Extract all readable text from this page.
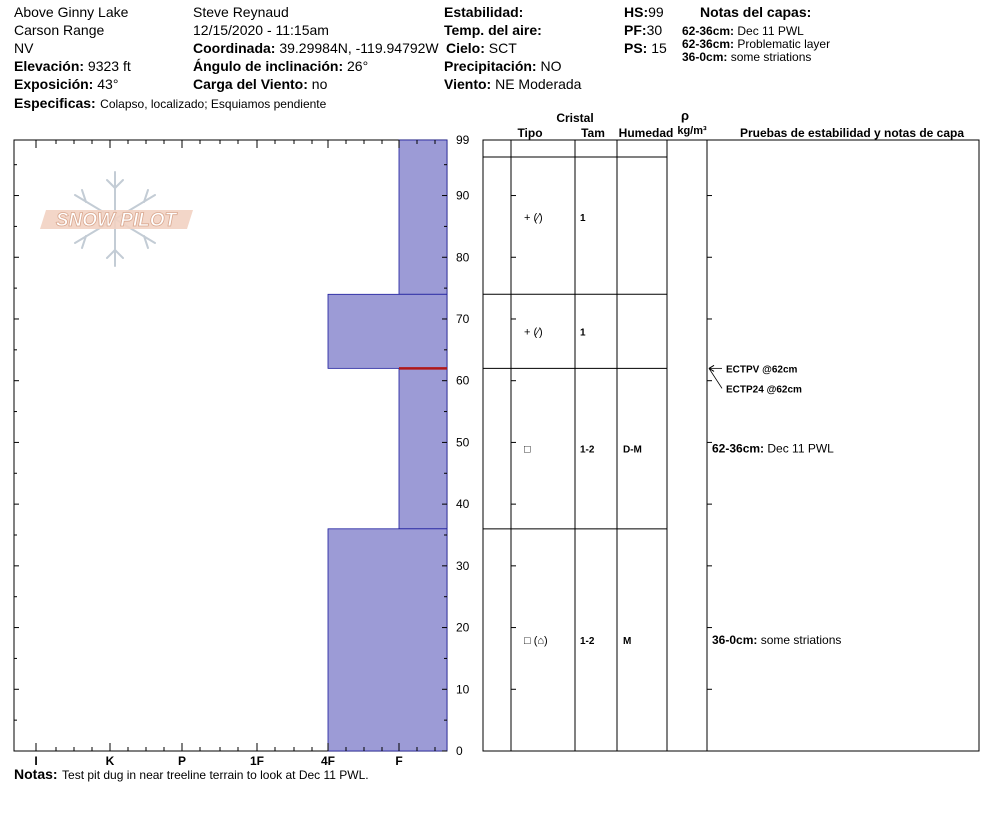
Above Ginny Lake
Carson Range
NV
Elevación: 9323 ft
Exposición: 43°
Especificas: Colapso, localizado; Esquiamos pendiente
Steve Reynaud
12/15/2020 - 11:15am
Coordinada: 39.29984N, -119.94792W
Ángulo de inclinación: 26°
Carga del Viento: no
Estabilidad:
Temp. del aire:
Cielo: SCT
Precipitación: NO
Viento: NE Moderada
HS:99
PF:30
PS: 15
Notas del capas:
62-36cm: Dec 11 PWL
62-36cm: Problematic layer
36-0cm: some striations
SNOW PILOT
0
10
20
30
40
50
60
70
80
90
99
I	K	P	1F	4F	F
+ (⁄)	1
+ (⁄)	1
□	1-2	D-M
□ (⌂)	1-2	M
ECTPV @62cm
ECTP24 @62cm
62-36cm: Dec 11 PWL
36-0cm: some striations
Cristal
Tipo	Tam Humedad
ρ
kg/m³	Pruebas de estabilidad y notas de capa
Notas: Test pit dug in near treeline terrain to look at Dec 11 PWL.
